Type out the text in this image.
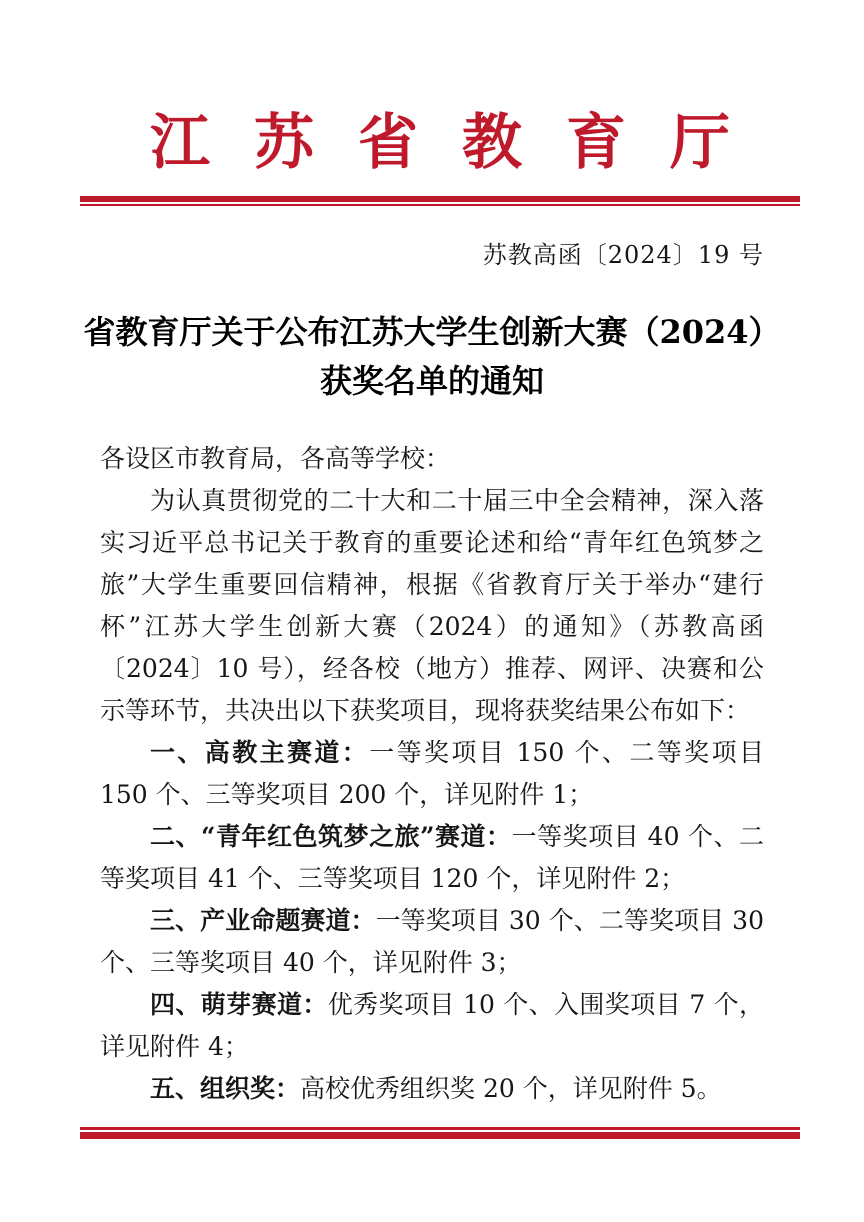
江苏省教育厅
苏教高函〔2024〕19 号
省教育厅关于公布江苏大学生创新大赛（2024）
获奖名单的通知

各设区市教育局，各高等学校：

为认真贯彻党的二十大和二十届三中全会精神，深入落实习近平总书记关于教育的重要论述和给“青年红色筑梦之旅”大学生重要回信精神，根据《省教育厅关于举办“建行杯”江苏大学生创新大赛（2024）的通知》（苏教高函〔2024〕10 号），经各校（地方）推荐、网评、决赛和公示等环节，共决出以下获奖项目，现将获奖结果公布如下：

一、高教主赛道：一等奖项目 150 个、二等奖项目 150 个、三等奖项目 200 个，详见附件 1；

二、“青年红色筑梦之旅”赛道：一等奖项目 40 个、二等奖项目 41 个、三等奖项目 120 个，详见附件 2；

三、产业命题赛道：一等奖项目 30 个、二等奖项目 30 个、三等奖项目 40 个，详见附件 3；

四、萌芽赛道：优秀奖项目 10 个、入围奖项目 7 个，详见附件 4；

五、组织奖：高校优秀组织奖 20 个，详见附件 5。
